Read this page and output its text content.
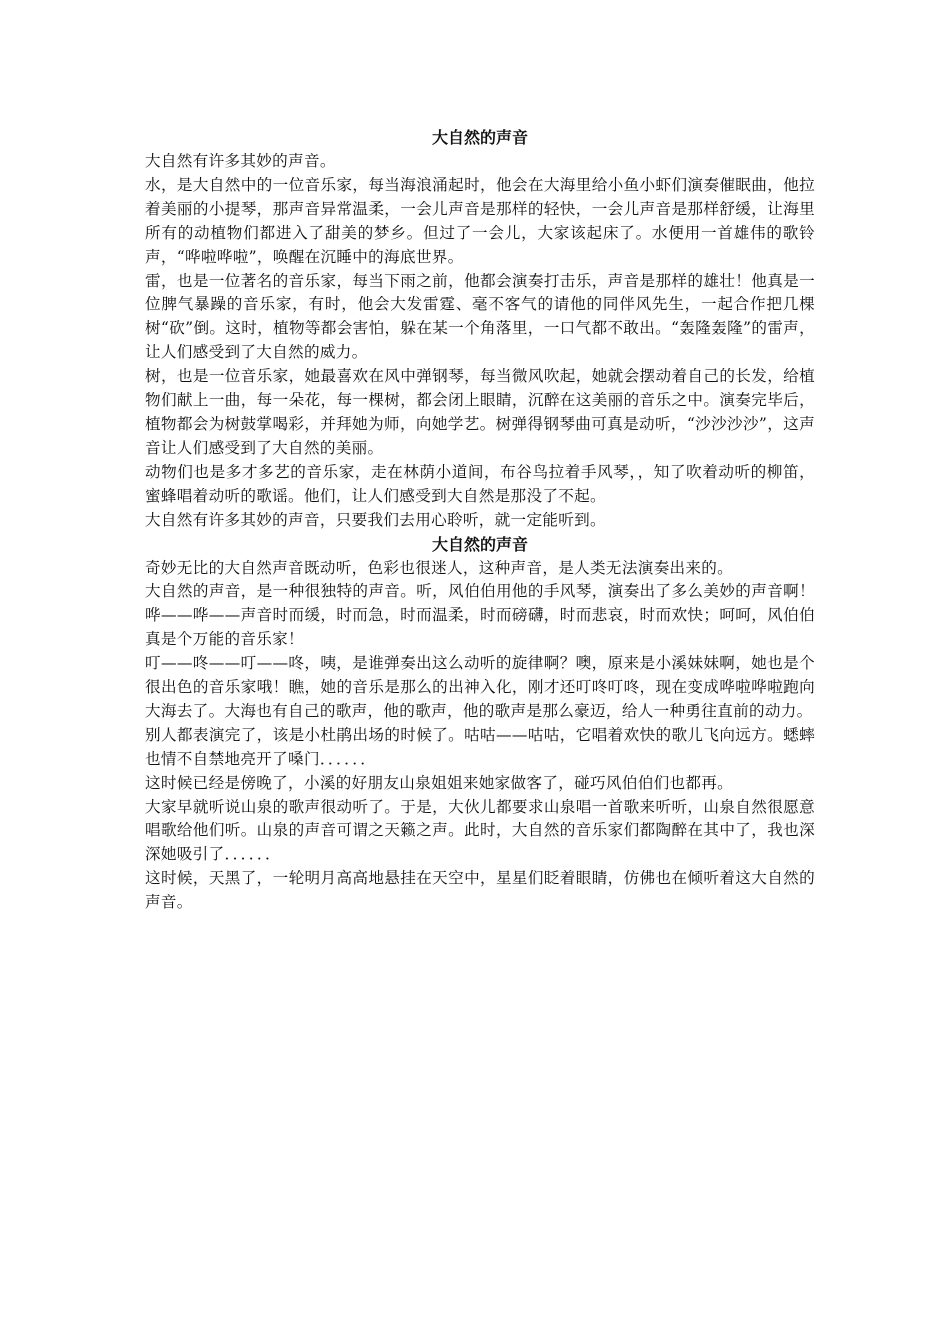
大自然的声音

大自然有许多其妙的声音。

水，是大自然中的一位音乐家，每当海浪涌起时，他会在大海里给小鱼小虾们演奏催眠曲，他拉着美丽的小提琴，那声音异常温柔，一会儿声音是那样的轻快，一会儿声音是那样舒缓，让海里所有的动植物们都进入了甜美的梦乡。但过了一会儿，大家该起床了。水便用一首雄伟的歌铃声，“哗啦哗啦”，唤醒在沉睡中的海底世界。

雷，也是一位著名的音乐家，每当下雨之前，他都会演奏打击乐，声音是那样的雄壮！他真是一位脾气暴躁的音乐家，有时，他会大发雷霆、毫不客气的请他的同伴风先生，一起合作把几棵树“砍”倒。这时，植物等都会害怕，躲在某一个角落里，一口气都不敢出。“轰隆轰隆”的雷声，让人们感受到了大自然的威力。

树，也是一位音乐家，她最喜欢在风中弹钢琴，每当微风吹起，她就会摆动着自己的长发，给植物们献上一曲，每一朵花，每一棵树，都会闭上眼睛，沉醉在这美丽的音乐之中。演奏完毕后，植物都会为树鼓掌喝彩，并拜她为师，向她学艺。树弹得钢琴曲可真是动听，“沙沙沙沙”，这声音让人们感受到了大自然的美丽。

动物们也是多才多艺的音乐家，走在林荫小道间，布谷鸟拉着手风琴，，知了吹着动听的柳笛，蜜蜂唱着动听的歌谣。他们，让人们感受到大自然是那没了不起。

大自然有许多其妙的声音，只要我们去用心聆听，就一定能听到。

大自然的声音

奇妙无比的大自然声音既动听，色彩也很迷人，这种声音，是人类无法演奏出来的。

大自然的声音，是一种很独特的声音。听，风伯伯用他的手风琴，演奏出了多么美妙的声音啊！哗——哗——声音时而缓，时而急，时而温柔，时而磅礴，时而悲哀，时而欢快；呵呵，风伯伯真是个万能的音乐家！

叮——咚——叮——咚，咦，是谁弹奏出这么动听的旋律啊？噢，原来是小溪妹妹啊，她也是个很出色的音乐家哦！瞧，她的音乐是那么的出神入化，刚才还叮咚叮咚，现在变成哗啦哗啦跑向大海去了。大海也有自己的歌声，他的歌声，他的歌声是那么豪迈，给人一种勇往直前的动力。

别人都表演完了，该是小杜鹃出场的时候了。咕咕——咕咕，它唱着欢快的歌儿飞向远方。蟋蟀也情不自禁地亮开了嗓门．．．．．．

这时候已经是傍晚了，小溪的好朋友山泉姐姐来她家做客了，碰巧风伯伯们也都再。

大家早就听说山泉的歌声很动听了。于是，大伙儿都要求山泉唱一首歌来听听，山泉自然很愿意唱歌给他们听。山泉的声音可谓之天籁之声。此时，大自然的音乐家们都陶醉在其中了，我也深深她吸引了．．．．．．

这时候，天黑了，一轮明月高高地悬挂在天空中，星星们眨着眼睛，仿佛也在倾听着这大自然的声音。
